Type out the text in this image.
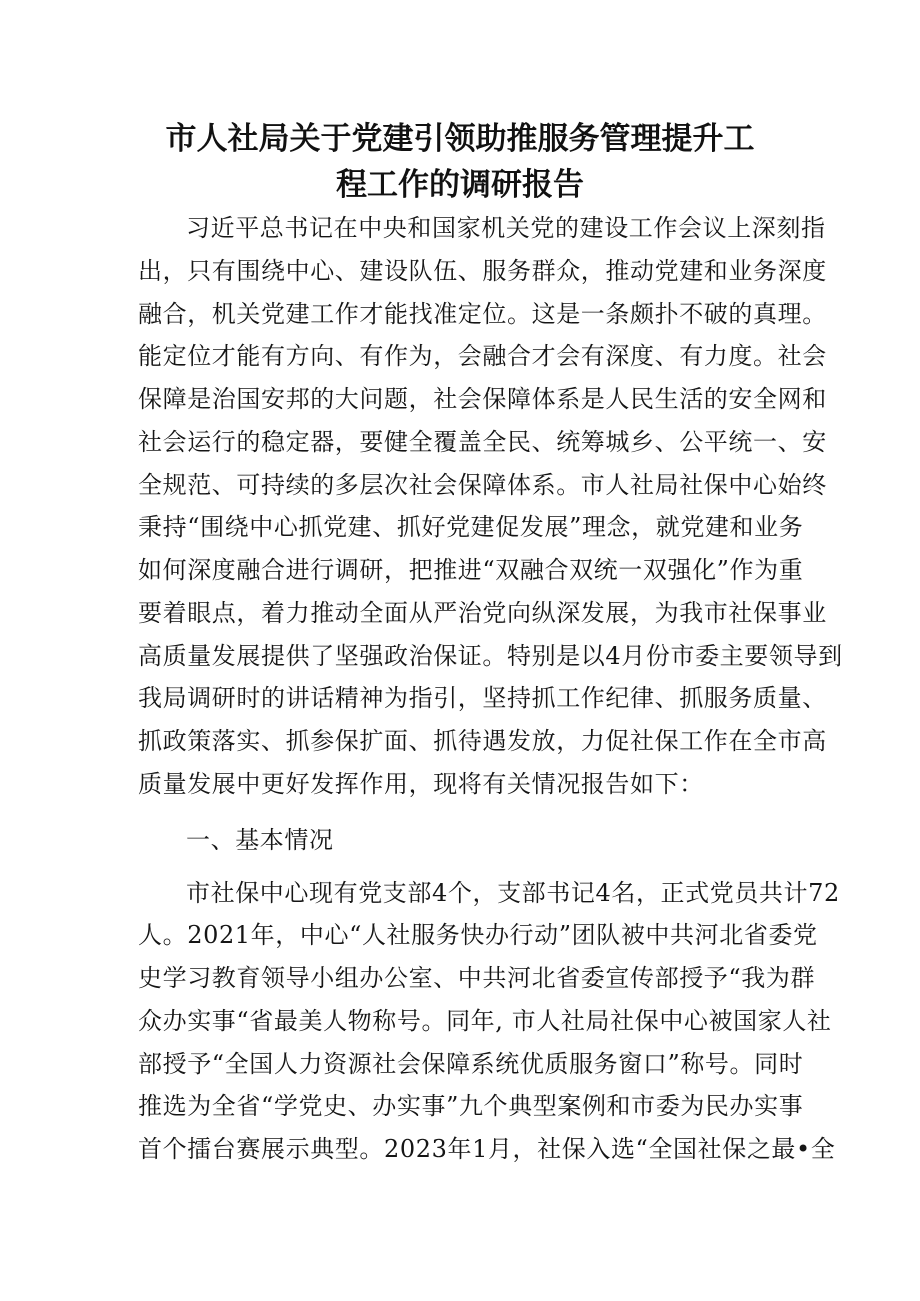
市人社局关于党建引领助推服务管理提升工
程工作的调研报告
习近平总书记在中央和国家机关党的建设工作会议上深刻指
出，只有围绕中心、建设队伍、服务群众，推动党建和业务深度
融合，机关党建工作才能找准定位。这是一条颇扑不破的真理。
能定位才能有方向、有作为，会融合才会有深度、有力度。社会
保障是治国安邦的大问题，社会保障体系是人民生活的安全网和
社会运行的稳定器，要健全覆盖全民、统筹城乡、公平统一、安
全规范、可持续的多层次社会保障体系。市人社局社保中心始终
秉持“围绕中心抓党建、抓好党建促发展”理念，就党建和业务
如何深度融合进行调研，把推进“双融合双统一双强化”作为重
要着眼点，着力推动全面从严治党向纵深发展，为我市社保事业
高质量发展提供了坚强政治保证。特别是以4月份市委主要领导到
我局调研时的讲话精神为指引，坚持抓工作纪律、抓服务质量、
抓政策落实、抓参保扩面、抓待遇发放，力促社保工作在全市高
质量发展中更好发挥作用，现将有关情况报告如下：
一、基本情况
市社保中心现有党支部4个，支部书记4名，正式党员共计72
人。2021年，中心“人社服务快办行动”团队被中共河北省委党
史学习教育领导小组办公室、中共河北省委宣传部授予“我为群
众办实事“省最美人物称号。同年, 市人社局社保中心被国家人社
部授予“全国人力资源社会保障系统优质服务窗口”称号。同时
推选为全省“学党史、办实事”九个典型案例和市委为民办实事
首个擂台赛展示典型。2023年1月，社保入选“全国社保之最•全
